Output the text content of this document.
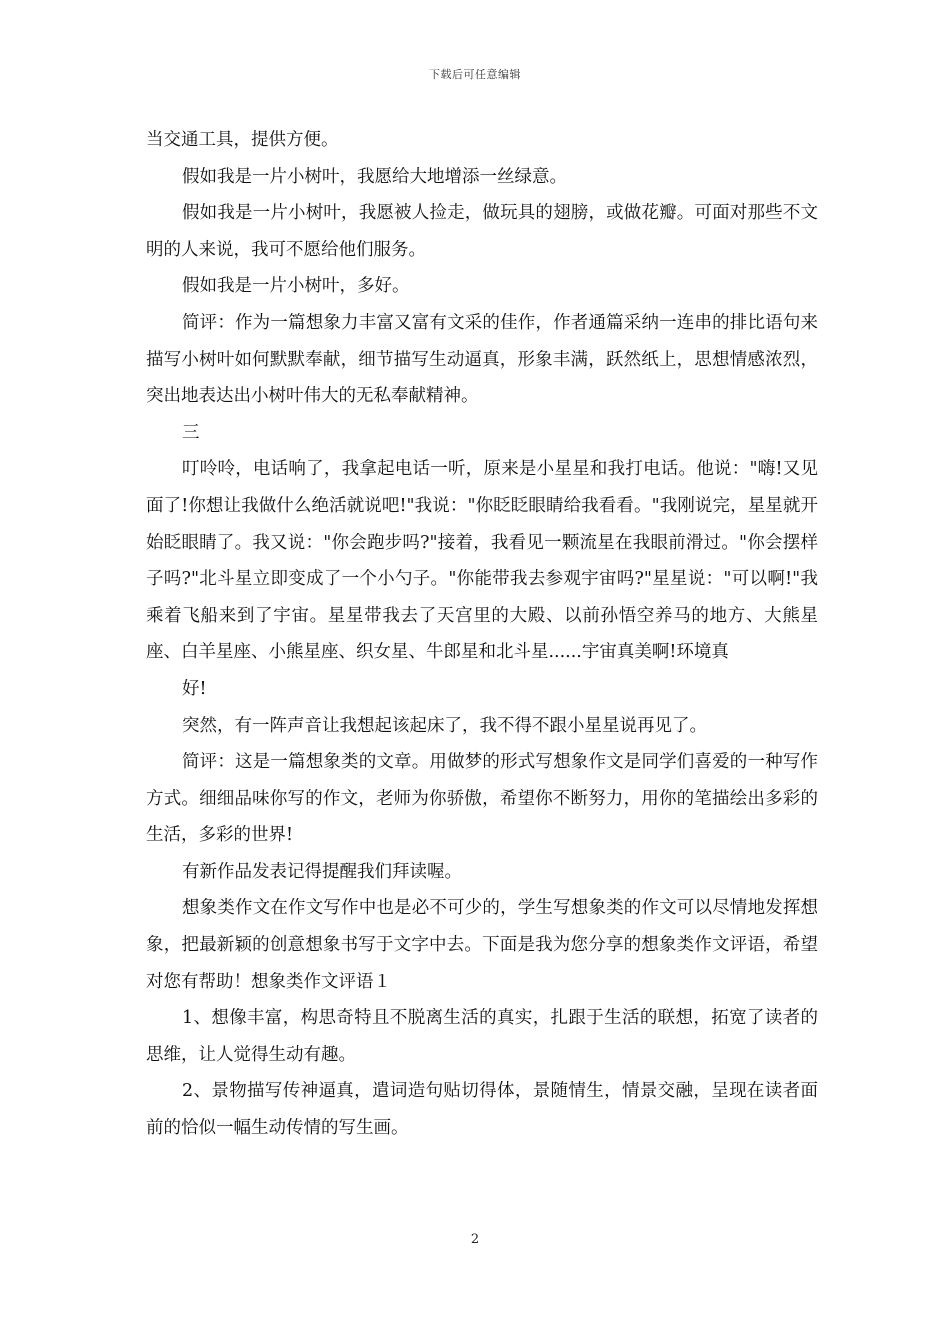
下载后可任意编辑

当交通工具，提供方便。

假如我是一片小树叶，我愿给大地增添一丝绿意。

假如我是一片小树叶，我愿被人捡走，做玩具的翅膀，或做花瓣。可面对那些不文明的人来说，我可不愿给他们服务。

假如我是一片小树叶，多好。

简评：作为一篇想象力丰富又富有文采的佳作，作者通篇采纳一连串的排比语句来描写小树叶如何默默奉献，细节描写生动逼真，形象丰满，跃然纸上，思想情感浓烈，突出地表达出小树叶伟大的无私奉献精神。

三

叮呤呤，电话响了，我拿起电话一听，原来是小星星和我打电话。他说："嗨!又见面了!你想让我做什么绝活就说吧!"我说："你眨眨眼睛给我看看。"我刚说完，星星就开始眨眼睛了。我又说："你会跑步吗?"接着，我看见一颗流星在我眼前滑过。"你会摆样子吗?"北斗星立即变成了一个小勺子。"你能带我去参观宇宙吗?"星星说："可以啊!"我乘着飞船来到了宇宙。星星带我去了天宫里的大殿、以前孙悟空养马的地方、大熊星座、白羊星座、小熊星座、织女星、牛郎星和北斗星......宇宙真美啊!环境真

好!

突然，有一阵声音让我想起该起床了，我不得不跟小星星说再见了。

简评：这是一篇想象类的文章。用做梦的形式写想象作文是同学们喜爱的一种写作方式。细细品味你写的作文，老师为你骄傲，希望你不断努力，用你的笔描绘出多彩的生活，多彩的世界!

有新作品发表记得提醒我们拜读喔。

想象类作文在作文写作中也是必不可少的，学生写想象类的作文可以尽情地发挥想象，把最新颖的创意想象书写于文字中去。下面是我为您分享的想象类作文评语，希望对您有帮助！想象类作文评语１

1、想像丰富，构思奇特且不脱离生活的真实，扎跟于生活的联想，拓宽了读者的思维，让人觉得生动有趣。

2、景物描写传神逼真，遣词造句贴切得体，景随情生，情景交融，呈现在读者面前的恰似一幅生动传情的写生画。

2
